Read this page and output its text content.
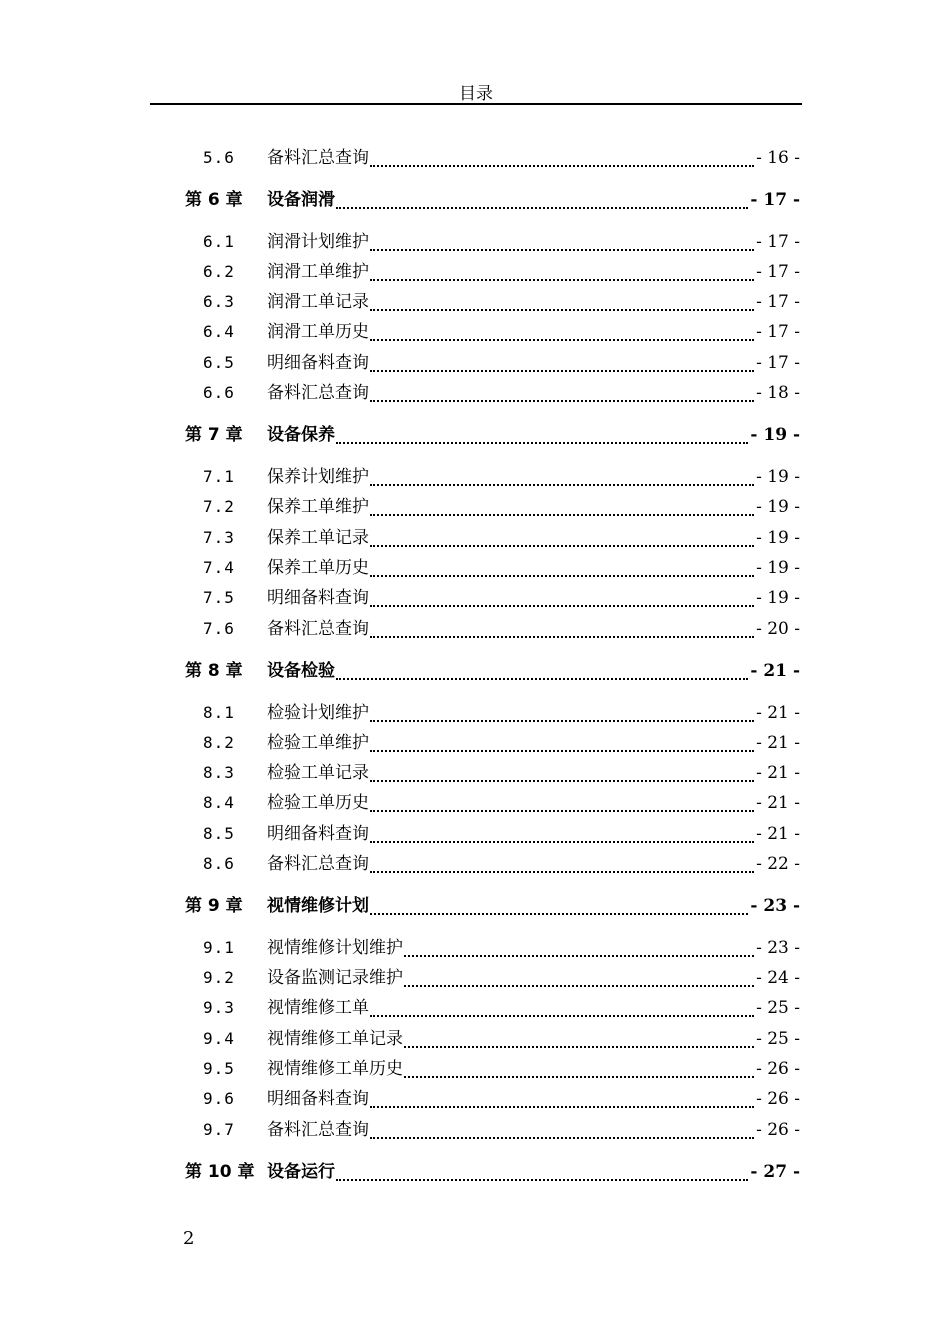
目录
5.6 备料汇总查询	- 16 -
第 6 章 设备润滑	- 17 -
6.1 润滑计划维护	- 17 -
6.2 润滑工单维护	- 17 -
6.3 润滑工单记录	- 17 -
6.4 润滑工单历史	- 17 -
6.5 明细备料查询	- 17 -
6.6 备料汇总查询	- 18 -
第 7 章 设备保养	- 19 -
7.1 保养计划维护	- 19 -
7.2 保养工单维护	- 19 -
7.3 保养工单记录	- 19 -
7.4 保养工单历史	- 19 -
7.5 明细备料查询	- 19 -
7.6 备料汇总查询	- 20 -
第 8 章 设备检验	- 21 -
8.1 检验计划维护	- 21 -
8.2 检验工单维护	- 21 -
8.3 检验工单记录	- 21 -
8.4 检验工单历史	- 21 -
8.5 明细备料查询	- 21 -
8.6 备料汇总查询	- 22 -
第 9 章 视情维修计划	- 23 -
9.1 视情维修计划维护	- 23 -
9.2 设备监测记录维护	- 24 -
9.3 视情维修工单	- 25 -
9.4 视情维修工单记录	- 25 -
9.5 视情维修工单历史	- 26 -
9.6 明细备料查询	- 26 -
9.7 备料汇总查询	- 26 -
第 10 章 设备运行	- 27 -
2
